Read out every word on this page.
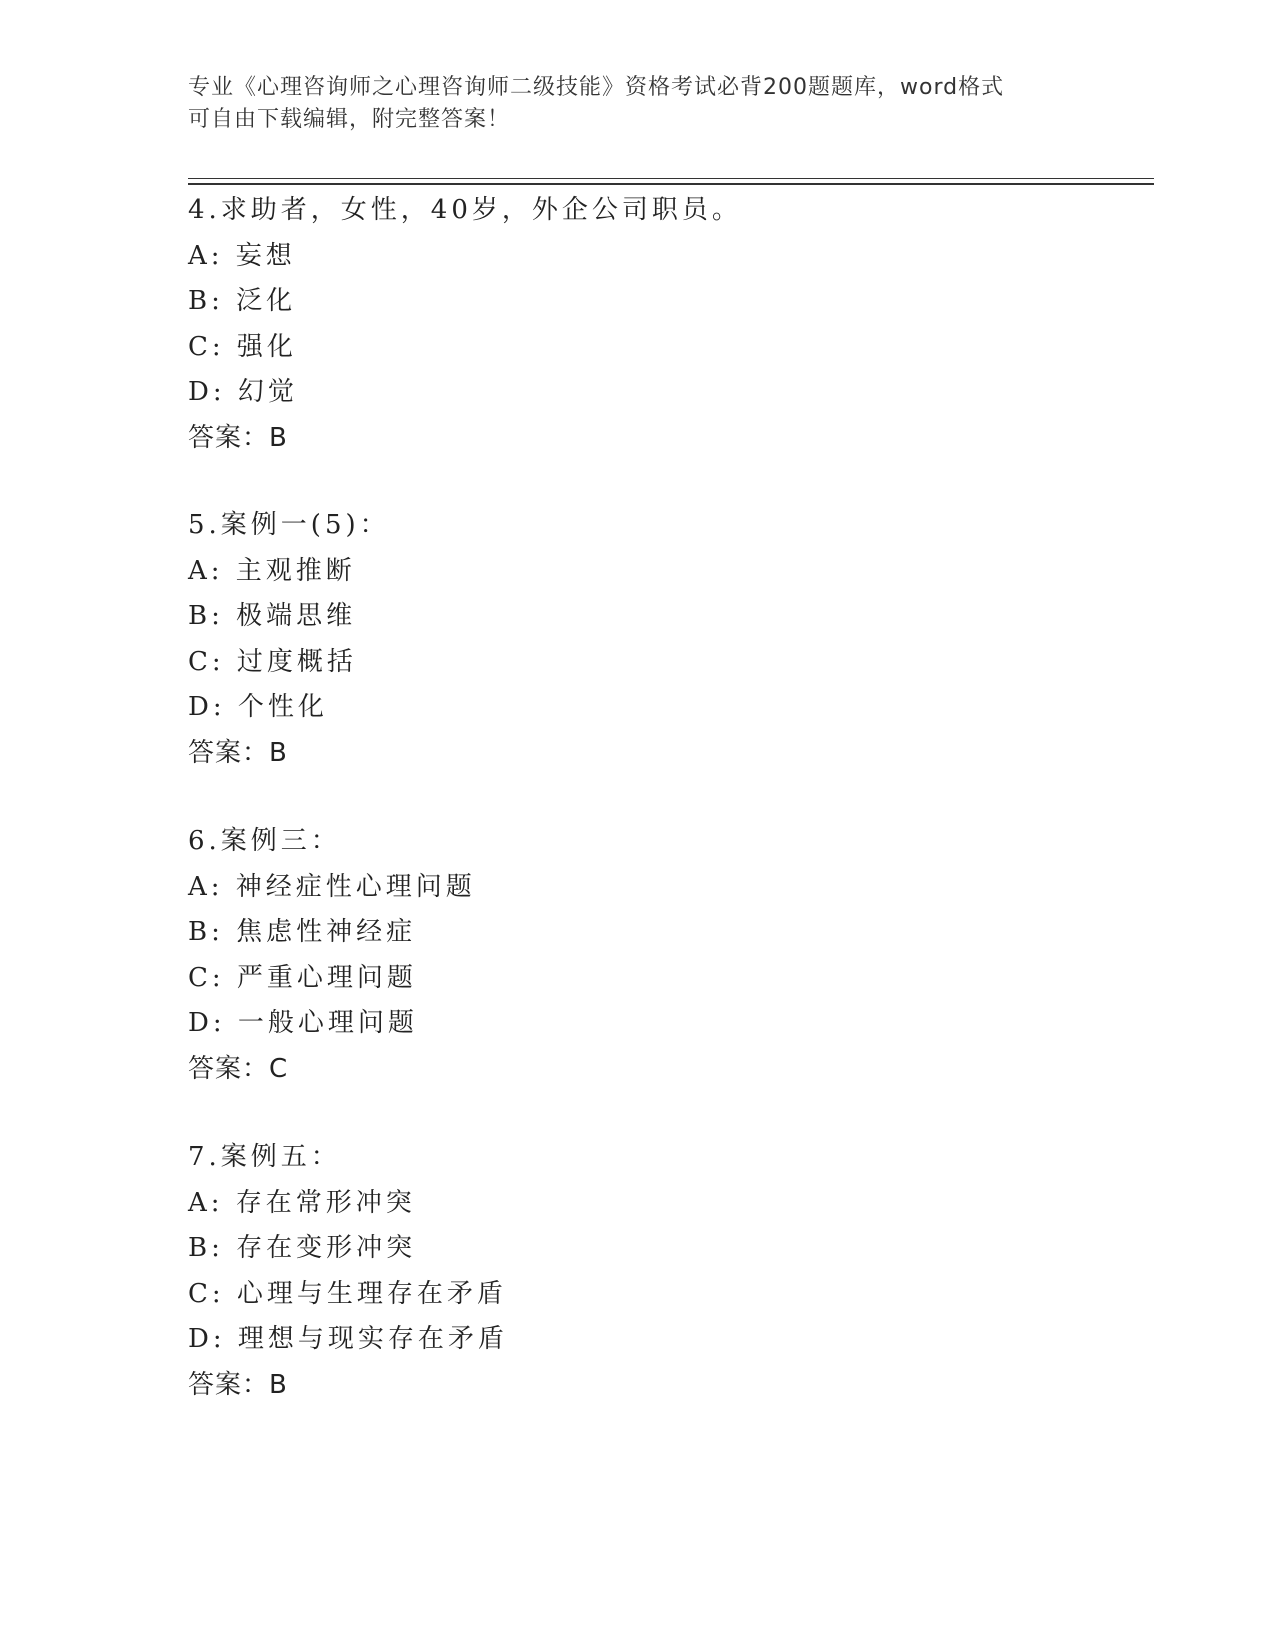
专业《心理咨询师之心理咨询师二级技能》资格考试必背200题题库，word格式
可自由下载编辑，附完整答案！
4.求助者，女性，40岁，外企公司职员。
A: 妄想
B: 泛化
C: 强化
D: 幻觉
答案：B
5.案例一(5)：
A: 主观推断
B: 极端思维
C: 过度概括
D: 个性化
答案：B
6.案例三：
A: 神经症性心理问题
B: 焦虑性神经症
C: 严重心理问题
D: 一般心理问题
答案：C
7.案例五：
A: 存在常形冲突
B: 存在变形冲突
C: 心理与生理存在矛盾
D: 理想与现实存在矛盾
答案：B
